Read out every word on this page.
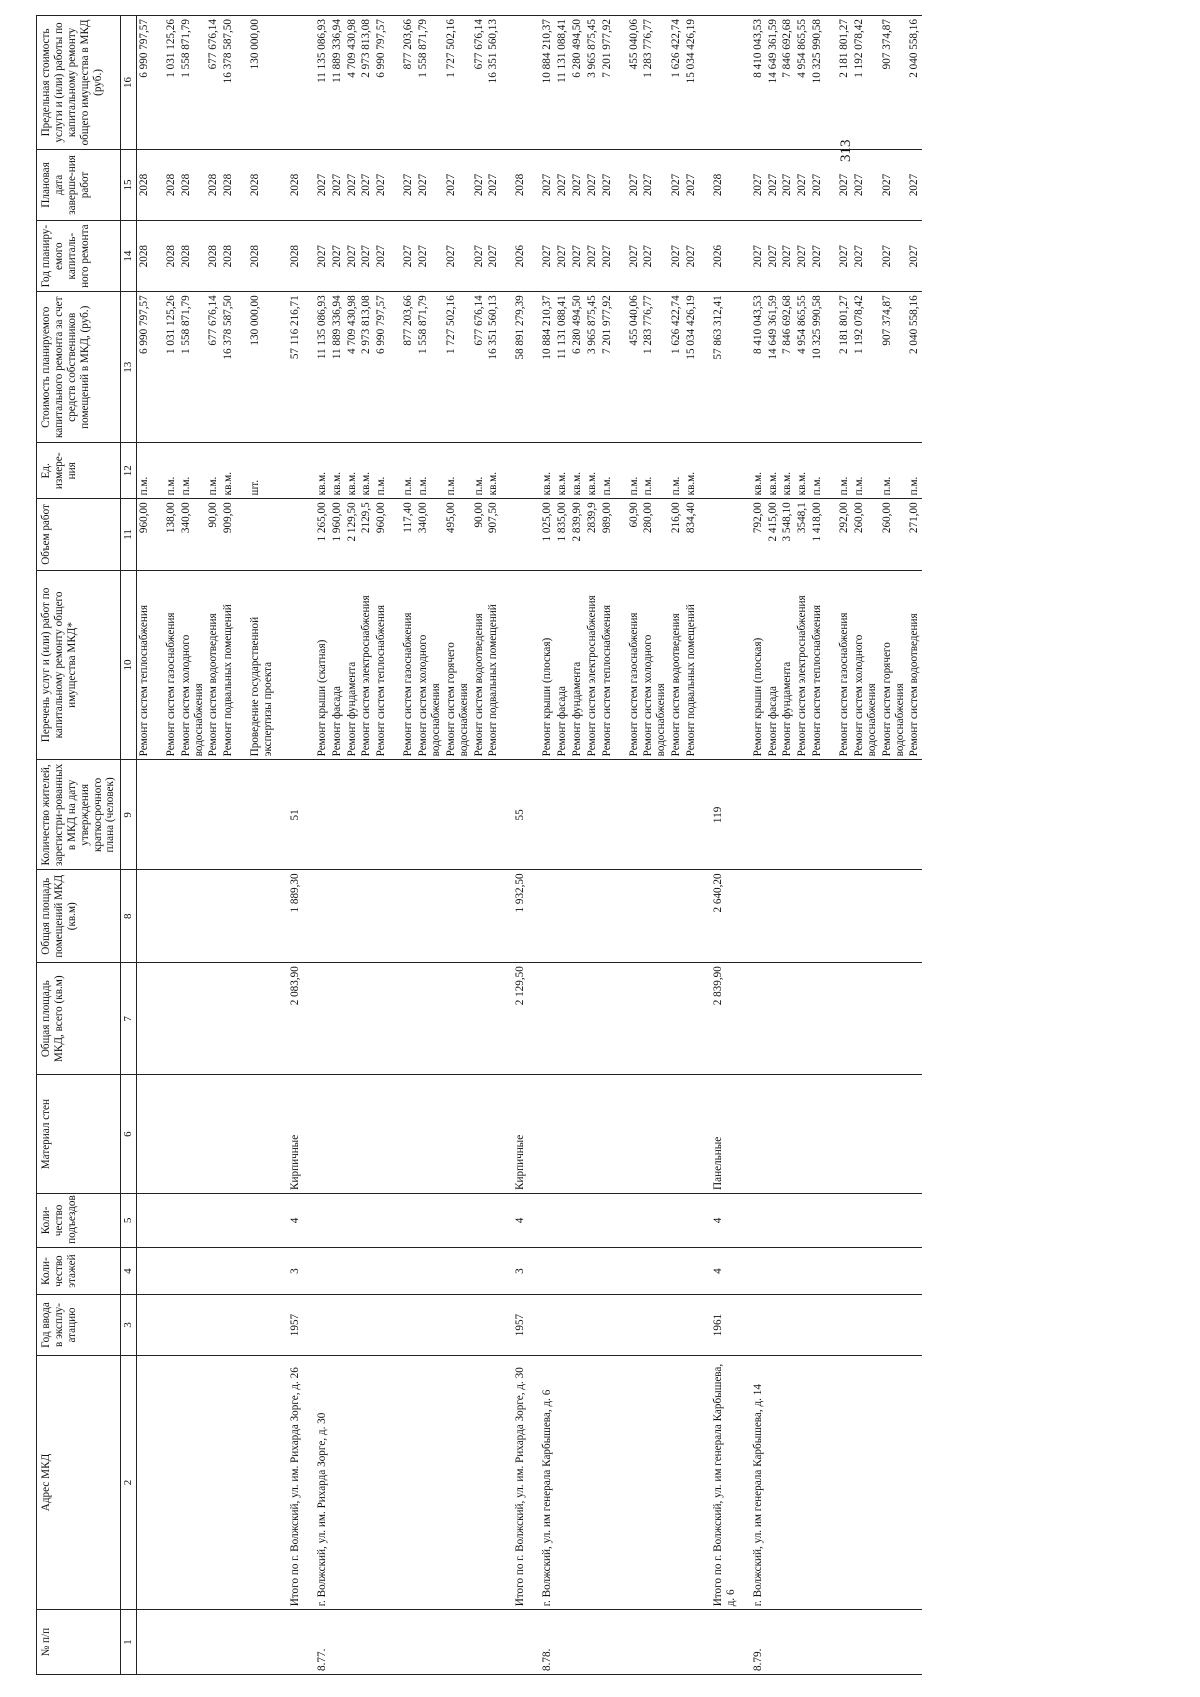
313
№ п/п	Адрес МКД	Год ввода в эксплу-атацию	Коли-чество этажей	Коли-чество подъездов	Материал стен	Общая площадь МКД, всего (кв.м)	Общая площадь помещений МКД (кв.м)	Количество жителей, зарегистри-рованных в МКД на дату утверждения краткосрочного плана (человек)	Перечень услуг и (или) работ по капитальному ремонту общего имущества МКД*	Объем работ	Ед. измере-ния	Стоимость планируемого капитального ремонта за счет средств собственников помещений в МКД, (руб.)	Год планиру-емого капиталь-ного ремонта	Плановая дата заверше-ния работ	Предельная стоимость услуги и (или) работы по капитальному ремонту общего имущества в МКД (руб.)
1	2	3	4	5	6	7	8	9	10	11	12	13	14	15	16
									Ремонт систем теплоснабжения	960,00	п.м.	6 990 797,57	2028	2028	6 990 797,57

									Ремонт систем газоснабжения	138,00	п.м.	1 031 125,26	2028	2028	1 031 125,26
									Ремонт систем холодного водоснабжения	340,00	п.м.	1 558 871,79	2028	2028	1 558 871,79
									Ремонт систем водоотведения	90,00	п.м.	677 676,14	2028	2028	677 676,14
									Ремонт подвальных помещений	909,00	кв.м.	16 378 587,50	2028	2028	16 378 587,50

									Проведение государственной экспертизы проекта		шт.	130 000,00	2028	2028	130 000,00

	Итого по г. Волжский, ул. им. Рихарда Зорге, д. 26	1957	3	4	Кирпичные	2 083,90	1 889,30	51				57 116 216,71	2028	2028	

8.77.	г. Волжский, ул. им. Рихарда Зорге, д. 30								Ремонт крыши (скатная)	1 265,00	кв.м.	11 135 086,93	2027	2027	11 135 086,93
									Ремонт фасада	1 960,00	кв.м.	11 889 336,94	2027	2027	11 889 336,94
									Ремонт фундамента	2 129,50	кв.м.	4 709 430,98	2027	2027	4 709 430,98
									Ремонт систем электроснабжения	2129,5	кв.м.	2 973 813,08	2027	2027	2 973 813,08
									Ремонт систем теплоснабжения	960,00	п.м.	6 990 797,57	2027	2027	6 990 797,57

									Ремонт систем газоснабжения	117,40	п.м.	877 203,66	2027	2027	877 203,66
									Ремонт систем холодного водоснабжения	340,00	п.м.	1 558 871,79	2027	2027	1 558 871,79
									Ремонт систем горячего водоснабжения	495,00	п.м.	1 727 502,16	2027	2027	1 727 502,16
									Ремонт систем водоотведения	90,00	п.м.	677 676,14	2027	2027	677 676,14
									Ремонт подвальных помещений	907,50	кв.м.	16 351 560,13	2027	2027	16 351 560,13

	Итого по г. Волжский, ул. им. Рихарда Зорге, д. 30	1957	3	4	Кирпичные	2 129,50	1 932,50	55				58 891 279,39	2026	2028	

8.78.	г. Волжский, ул. им генерала Карбышева, д. 6								Ремонт крыши (плоская)	1 025,00	кв.м.	10 884 210,37	2027	2027	10 884 210,37
									Ремонт фасада	1 835,00	кв.м.	11 131 088,41	2027	2027	11 131 088,41
									Ремонт фундамента	2 839,90	кв.м.	6 280 494,50	2027	2027	6 280 494,50
									Ремонт систем электроснабжения	2839,9	кв.м.	3 965 875,45	2027	2027	3 965 875,45
									Ремонт систем теплоснабжения	989,00	п.м.	7 201 977,92	2027	2027	7 201 977,92

									Ремонт систем газоснабжения	60,90	п.м.	455 040,06	2027	2027	455 040,06
									Ремонт систем холодного водоснабжения	280,00	п.м.	1 283 776,77	2027	2027	1 283 776,77
									Ремонт систем водоотведения	216,00	п.м.	1 626 422,74	2027	2027	1 626 422,74
									Ремонт подвальных помещений	834,40	кв.м.	15 034 426,19	2027	2027	15 034 426,19

	Итого по г. Волжский, ул. им генерала Карбышева, д. 6	1961	4	4	Панельные	2 839,90	2 640,20	119				57 863 312,41	2026	2028	

8.79.	г. Волжский, ул. им генерала Карбышева, д. 14								Ремонт крыши (плоская)	792,00	кв.м.	8 410 043,53	2027	2027	8 410 043,53
									Ремонт фасада	2 415,00	кв.м.	14 649 361,59	2027	2027	14 649 361,59
									Ремонт фундамента	3 548,10	кв.м.	7 846 692,68	2027	2027	7 846 692,68
									Ремонт систем электроснабжения	3548,1	кв.м.	4 954 865,55	2027	2027	4 954 865,55
									Ремонт систем теплоснабжения	1 418,00	п.м.	10 325 990,58	2027	2027	10 325 990,58

									Ремонт систем газоснабжения	292,00	п.м.	2 181 801,27	2027	2027	2 181 801,27
									Ремонт систем холодного водоснабжения	260,00	п.м.	1 192 078,42	2027	2027	1 192 078,42
									Ремонт систем горячего водоснабжения	260,00	п.м.	907 374,87	2027	2027	907 374,87
									Ремонт систем водоотведения	271,00	п.м.	2 040 558,16	2027	2027	2 040 558,16
